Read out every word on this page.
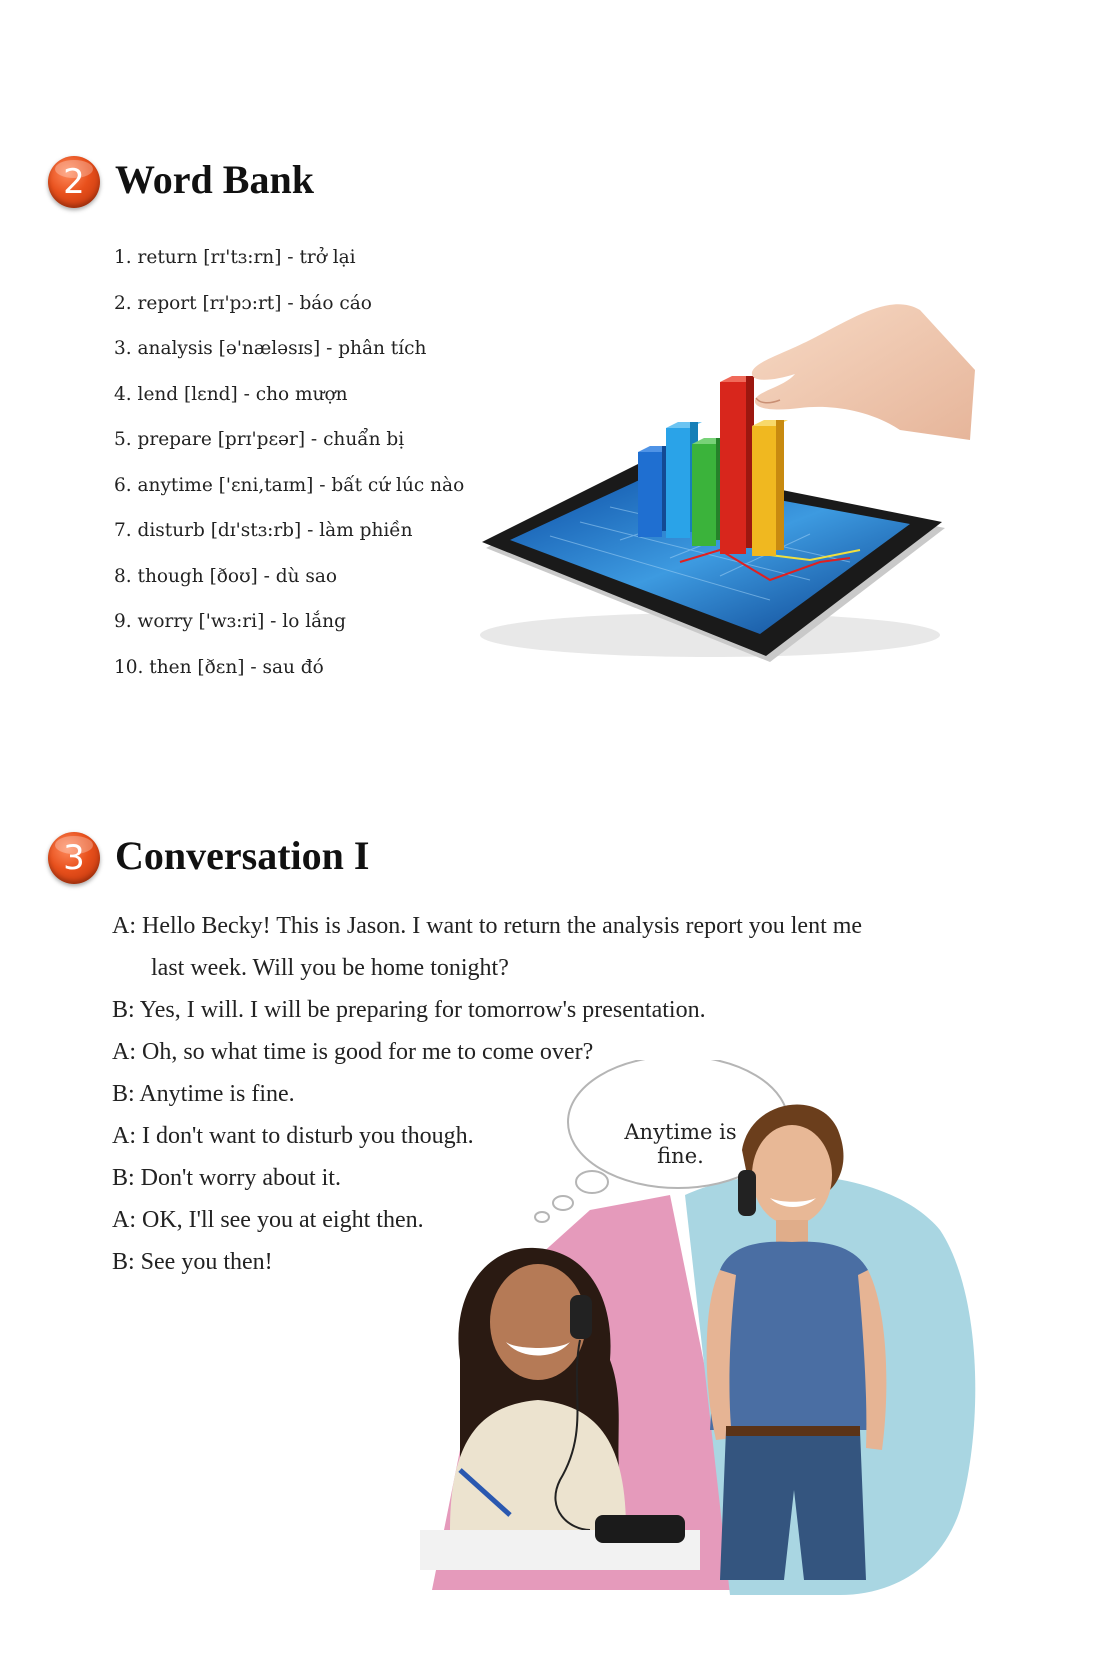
2 Word Bank
1. return [rɪ'tɜ:rn] - trở lại
2. report [rɪ'pɔ:rt] - báo cáo
3. analysis [ə'næləsɪs] - phân tích
4. lend [lɛnd] - cho mượn
5. prepare [prɪ'pɛər] - chuẩn bị
6. anytime ['ɛni,taɪm] - bất cứ lúc nào
7. disturb [dɪ'stɜ:rb] - làm phiền
8. though [ðoʊ] - dù sao
9. worry ['wɜ:ri] - lo lắng
10. then [ðɛn] - sau đó
3 Conversation I
A: Hello Becky! This is Jason. I want to return the analysis report you lent me
last week. Will you be home tonight?
B: Yes, I will. I will be preparing for tomorrow's presentation.
A: Oh, so what time is good for me to come over?
B: Anytime is fine.
A: I don't want to disturb you though.
B: Don't worry about it.
A: OK, I'll see you at eight then.
B: See you then!
Anytime is fine.
